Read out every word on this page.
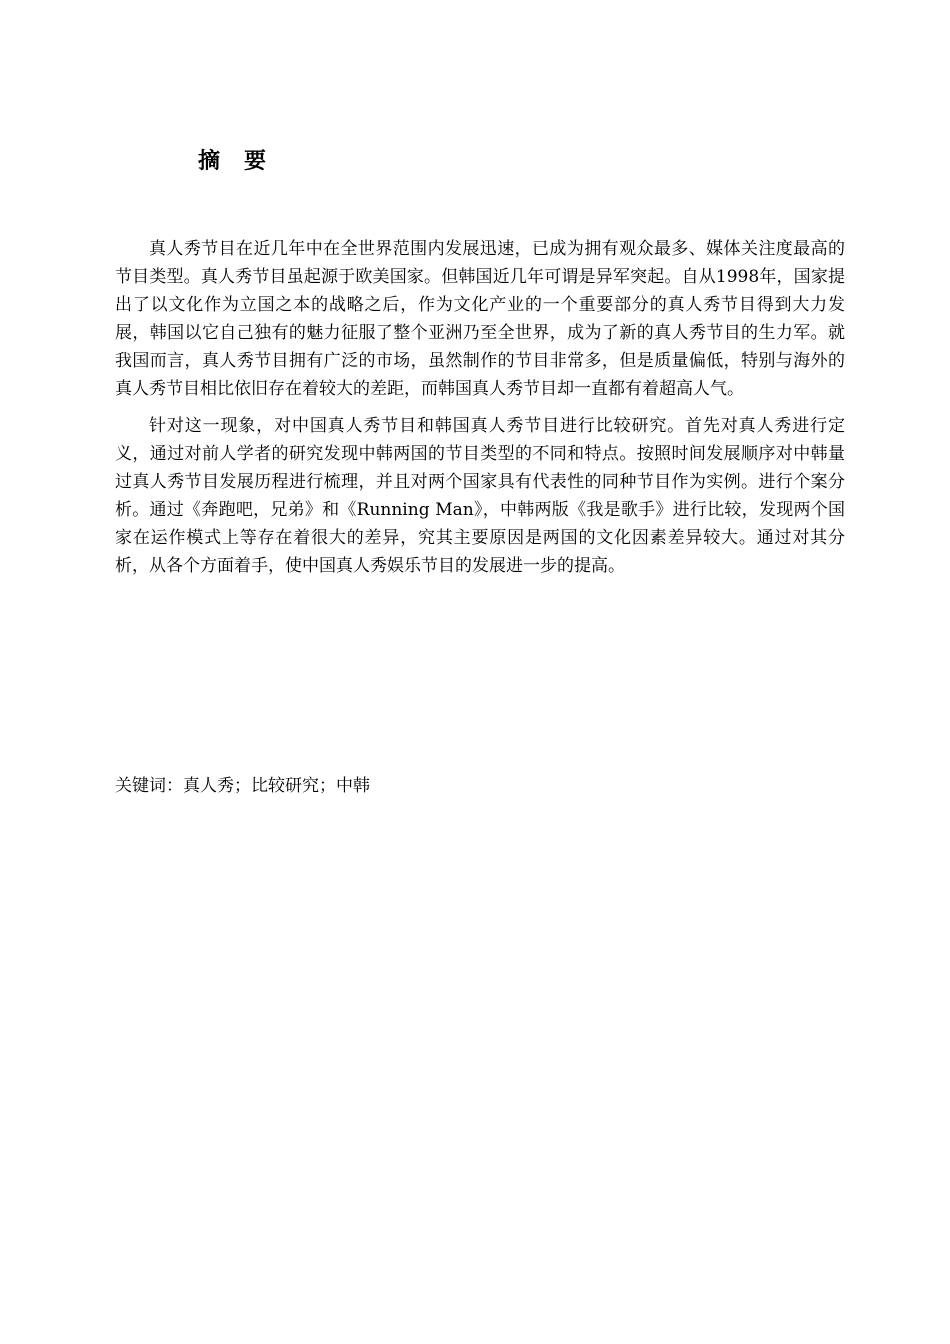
摘要

真人秀节目在近几年中在全世界范围内发展迅速，已成为拥有观众最多、媒体关注度最高的节目类型。真人秀节目虽起源于欧美国家。但韩国近几年可谓是异军突起。自从1998年，国家提出了以文化作为立国之本的战略之后，作为文化产业的一个重要部分的真人秀节目得到大力发展，韩国以它自己独有的魅力征服了整个亚洲乃至全世界，成为了新的真人秀节目的生力军。就我国而言，真人秀节目拥有广泛的市场，虽然制作的节目非常多，但是质量偏低，特别与海外的真人秀节目相比依旧存在着较大的差距，而韩国真人秀节目却一直都有着超高人气。

针对这一现象，对中国真人秀节目和韩国真人秀节目进行比较研究。首先对真人秀进行定义，通过对前人学者的研究发现中韩两国的节目类型的不同和特点。按照时间发展顺序对中韩量过真人秀节目发展历程进行梳理，并且对两个国家具有代表性的同种节目作为实例。进行个案分析。通过《奔跑吧，兄弟》和《Running Man》，中韩两版《我是歌手》进行比较，发现两个国家在运作模式上等存在着很大的差异，究其主要原因是两国的文化因素差异较大。通过对其分析，从各个方面着手，使中国真人秀娱乐节目的发展进一步的提高。

关键词：真人秀；比较研究；中韩
